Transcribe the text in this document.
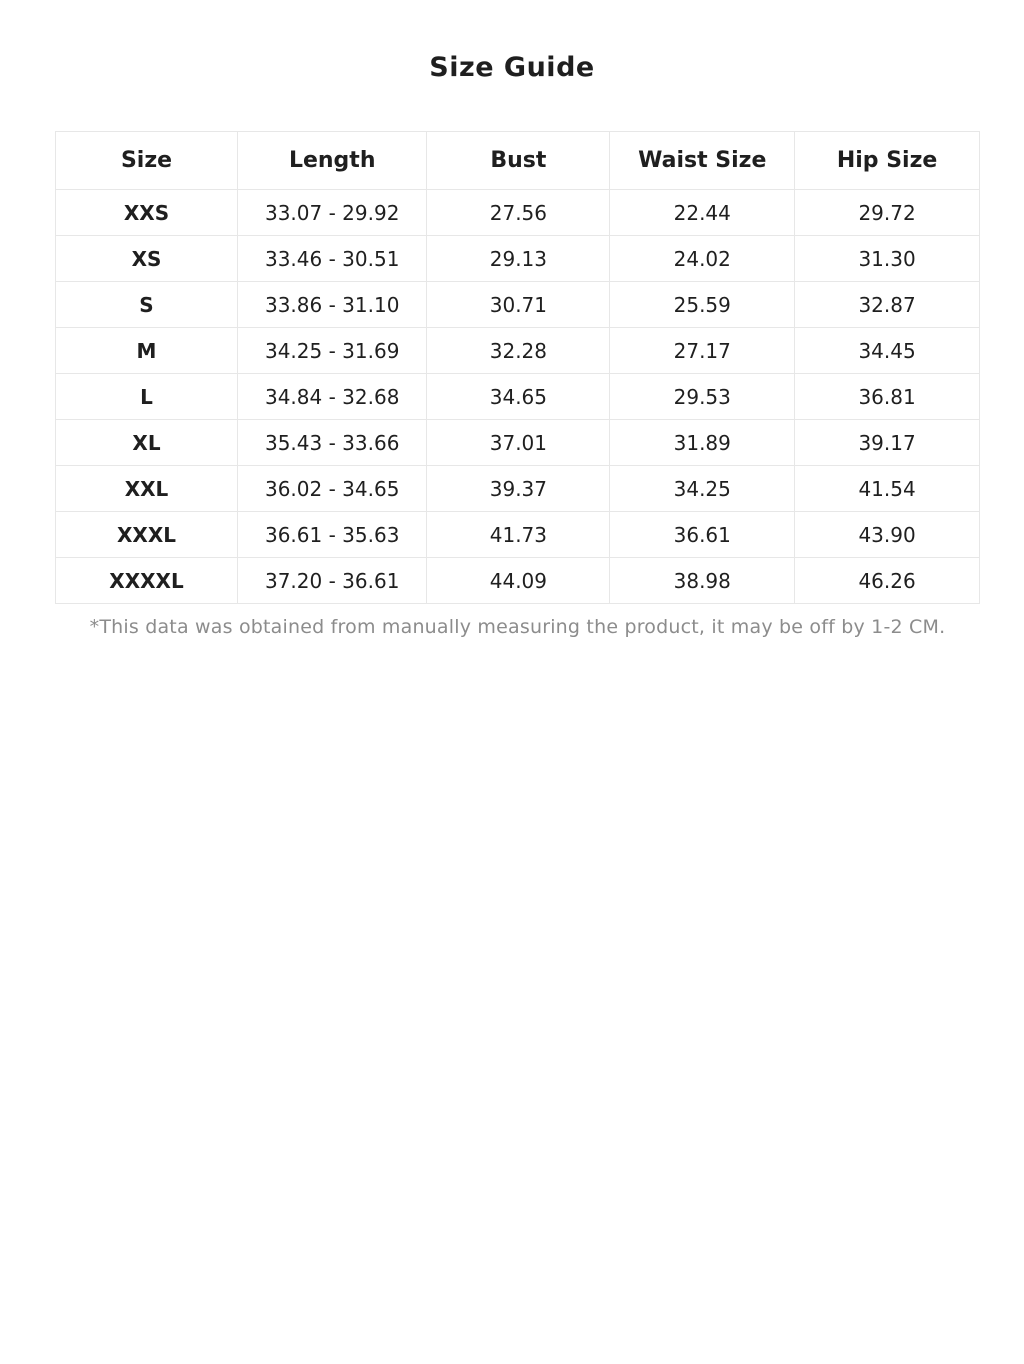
Size Guide
Size	Length	Bust	Waist Size	Hip Size
XXS	33.07 - 29.92	27.56	22.44	29.72
XS	33.46 - 30.51	29.13	24.02	31.30
S	33.86 - 31.10	30.71	25.59	32.87
M	34.25 - 31.69	32.28	27.17	34.45
L	34.84 - 32.68	34.65	29.53	36.81
XL	35.43 - 33.66	37.01	31.89	39.17
XXL	36.02 - 34.65	39.37	34.25	41.54
XXXL	36.61 - 35.63	41.73	36.61	43.90
XXXXL	37.20 - 36.61	44.09	38.98	46.26
*This data was obtained from manually measuring the product, it may be off by 1-2 CM.
